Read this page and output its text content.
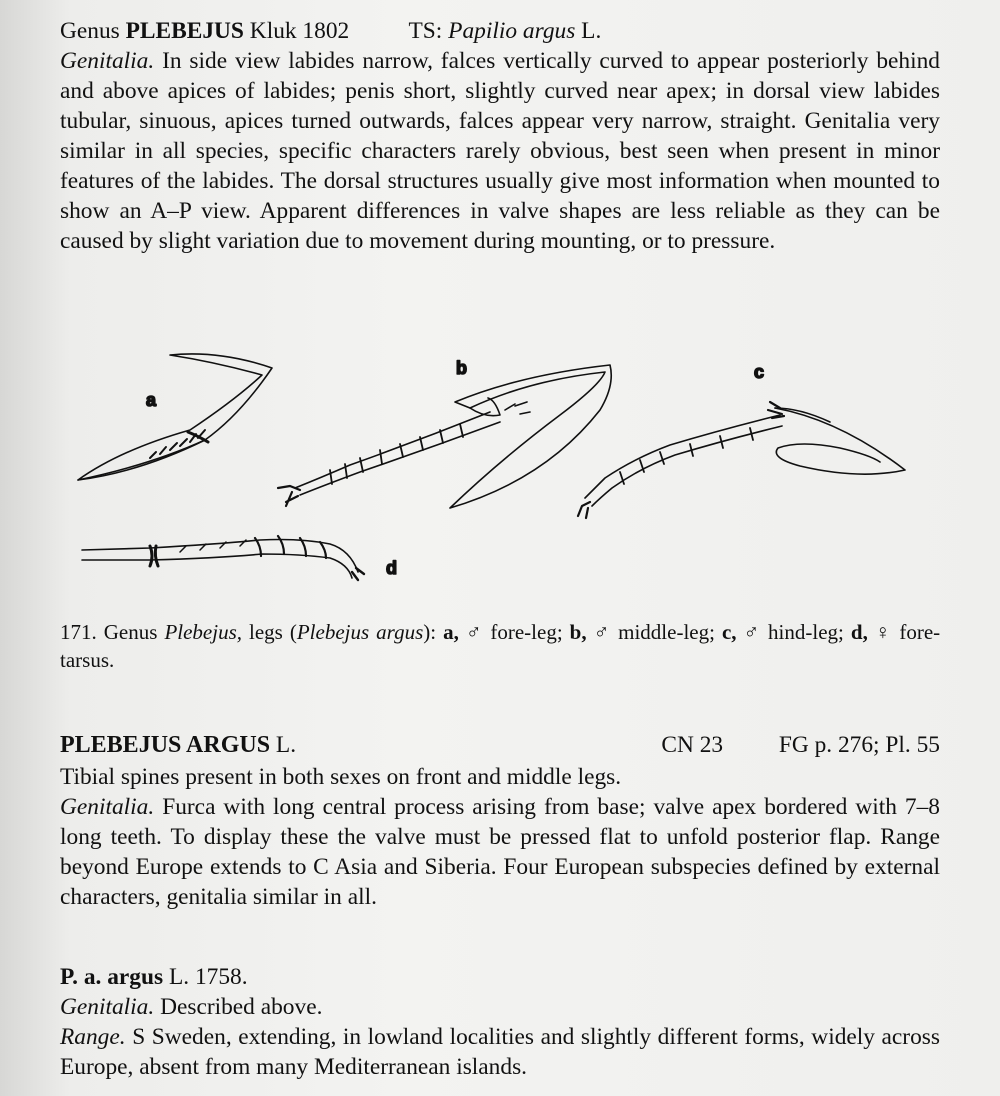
Genus PLEBEJUS Kluk 1802	TS: Papilio argus L.

Genitalia. In side view labides narrow, falces vertically curved to appear posteriorly behind and above apices of labides; penis short, slightly curved near apex; in dorsal view labides tubular, sinuous, apices turned outwards, falces appear very narrow, straight. Genitalia very similar in all species, specific characters rarely obvious, best seen when present in minor features of the labides. The dorsal structures usually give most information when mounted to show an A–P view. Apparent differences in valve shapes are less reliable as they can be caused by slight variation due to movement during mounting, or to pressure.

a
b	c
d

171. Genus Plebejus, legs (Plebejus argus): a, ♂ fore-leg; b, ♂ middle-leg; c, ♂ hind-leg; d, ♀ fore-tarsus.

PLEBEJUS ARGUS L.	CN 23 FG p. 276; Pl. 55

Tibial spines present in both sexes on front and middle legs.

Genitalia. Furca with long central process arising from base; valve apex bordered with 7–8 long teeth. To display these the valve must be pressed flat to unfold posterior flap. Range beyond Europe extends to C Asia and Siberia. Four European subspecies defined by external characters, genitalia similar in all.

P. a. argus L. 1758.

Genitalia. Described above.

Range. S Sweden, extending, in lowland localities and slightly different forms, widely across Europe, absent from many Mediterranean islands.
